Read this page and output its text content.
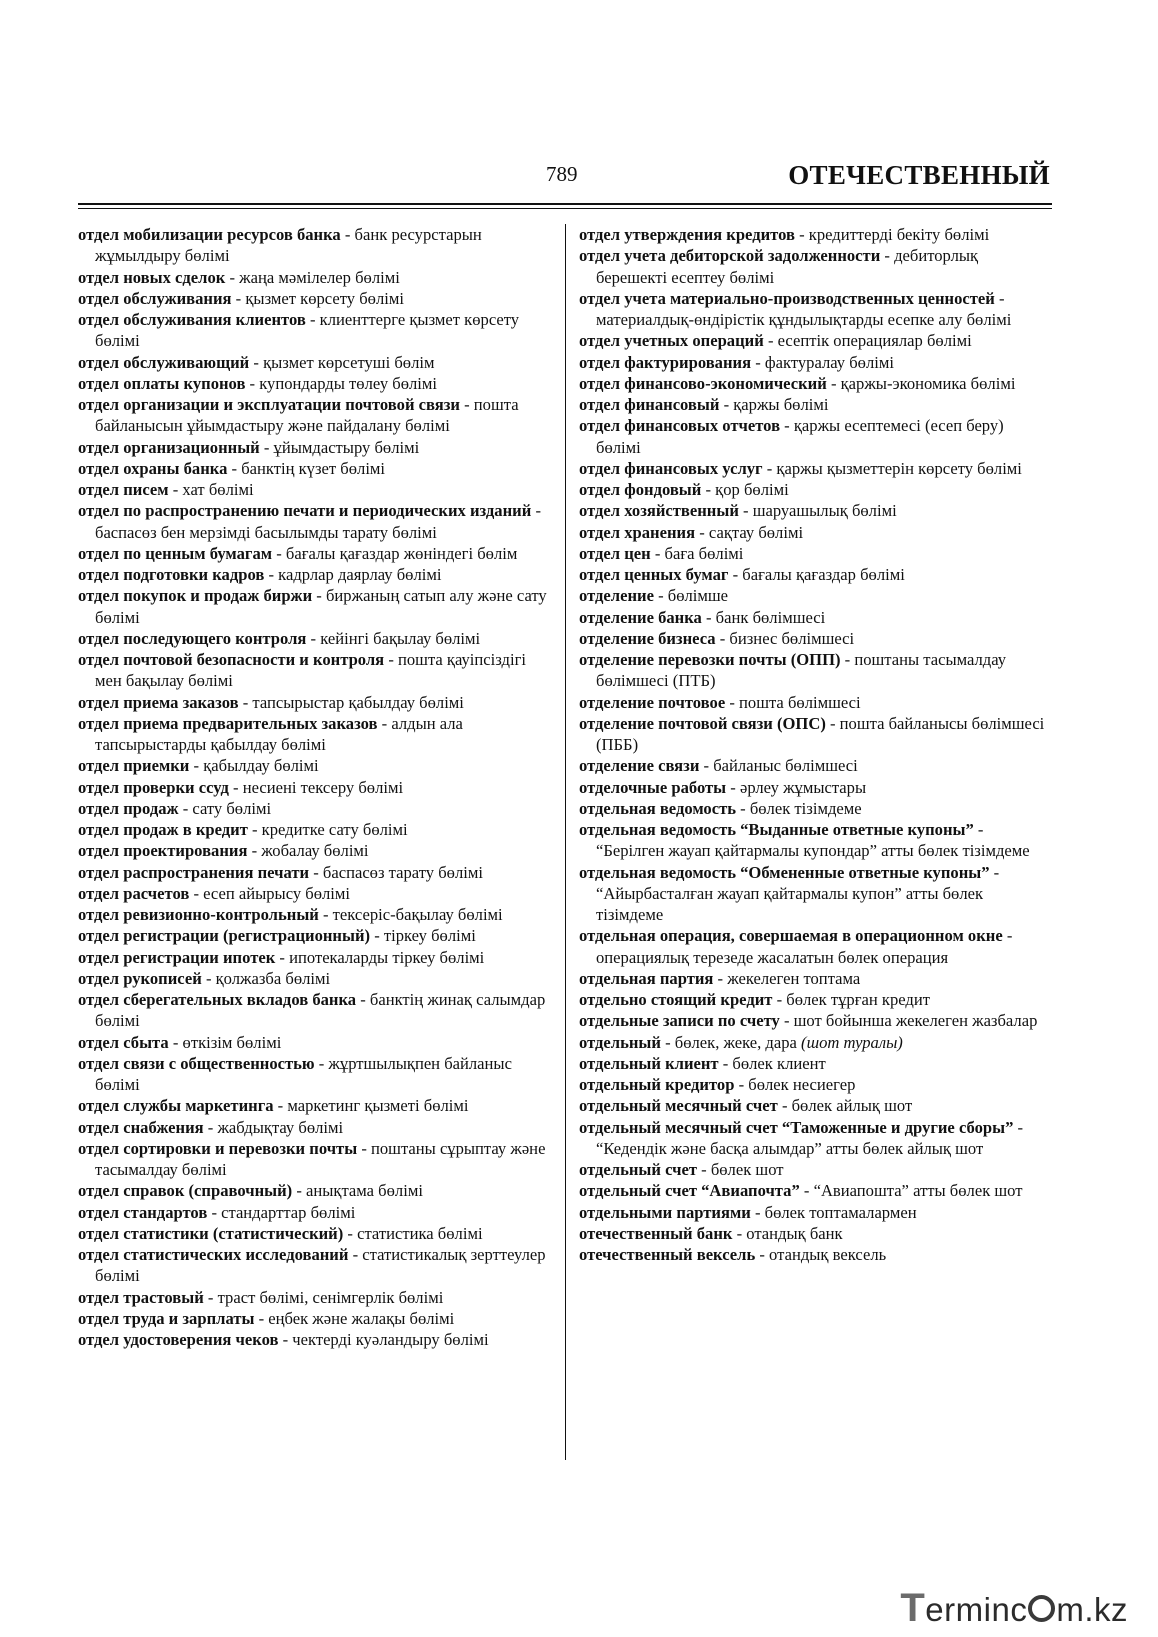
789	ОТЕЧЕСТВЕННЫЙ

отдел мобилизации ресурсов банка - банк ресурстарын жұмылдыру бөлімі

отдел новых сделок - жаңа мәмілелер бөлімі

отдел обслуживания - қызмет көрсету бөлімі

отдел обслуживания клиентов - клиенттерге қызмет көрсету бөлімі

отдел обслуживающий - қызмет көрсетуші бөлім

отдел оплаты купонов - купондарды төлеу бөлімі

отдел организации и эксплуатации почтовой связи - пошта байланысын ұйымдастыру және пайдалану бөлімі

отдел организационный - ұйымдастыру бөлімі

отдел охраны банка - банктің күзет бөлімі

отдел писем - хат бөлімі

отдел по распространению печати и периодических изданий - баспасөз бен мерзімді басылымды тарату бөлімі

отдел по ценным бумагам - бағалы қағаздар жөніндегі бөлім

отдел подготовки кадров - кадрлар даярлау бөлімі

отдел покупок и продаж биржи - биржаның сатып алу және сату бөлімі

отдел последующего контроля - кейінгі бақылау бөлімі

отдел почтовой безопасности и контроля - пошта қауіпсіздігі мен бақылау бөлімі

отдел приема заказов - тапсырыстар қабылдау бөлімі

отдел приема предварительных заказов - алдын ала тапсырыстарды қабылдау бөлімі

отдел приемки - қабылдау бөлімі

отдел проверки ссуд - несиені тексеру бөлімі

отдел продаж - сату бөлімі

отдел продаж в кредит - кредитке сату бөлімі

отдел проектирования - жобалау бөлімі

отдел распространения печати - баспасөз тарату бөлімі

отдел расчетов - есеп айырысу бөлімі

отдел ревизионно-контрольный - тексеріс-бақылау бөлімі

отдел регистрации (регистрационный) - тіркеу бөлімі

отдел регистрации ипотек - ипотекаларды тіркеу бөлімі

отдел рукописей - қолжазба бөлімі

отдел сберегательных вкладов банка - банктің жинақ салымдар бөлімі

отдел сбыта - өткізім бөлімі

отдел связи с общественностью - жұртшылықпен байланыс бөлімі

отдел службы маркетинга - маркетинг қызметі бөлімі

отдел снабжения - жабдықтау бөлімі

отдел сортировки и перевозки почты - поштаны сұрыптау және тасымалдау бөлімі

отдел справок (справочный) - анықтама бөлімі

отдел стандартов - стандарттар бөлімі

отдел статистики (статистический) - статистика бөлімі

отдел статистических исследований - статистикалық зерттеулер бөлімі

отдел трастовый - траст бөлімі, сенімгерлік бөлімі

отдел труда и зарплаты - еңбек және жалақы бөлімі

отдел удостоверения чеков - чектерді куәландыру бөлімі

отдел утверждения кредитов - кредиттерді бекіту бөлімі

отдел учета дебиторской задолженности - дебиторлық берешекті есептеу бөлімі

отдел учета материально-производственных ценностей - материалдық-өндірістік құндылықтарды есепке алу бөлімі

отдел учетных операций - есептік операциялар бөлімі

отдел фактурирования - фактуралау бөлімі

отдел финансово-экономический - қаржы-экономика бөлімі

отдел финансовый - қаржы бөлімі

отдел финансовых отчетов - қаржы есептемесі (есеп беру) бөлімі

отдел финансовых услуг - қаржы қызметтерін көрсету бөлімі

отдел фондовый - қор бөлімі

отдел хозяйственный - шаруашылық бөлімі

отдел хранения - сақтау бөлімі

отдел цен - баға бөлімі

отдел ценных бумаг - бағалы қағаздар бөлімі

отделение - бөлімше

отделение банка - банк бөлімшесі

отделение бизнеса - бизнес бөлімшесі

отделение перевозки почты (ОПП) - поштаны тасымалдау бөлімшесі (ПТБ)

отделение почтовое - пошта бөлімшесі

отделение почтовой связи (ОПС) - пошта байланысы бөлімшесі (ПББ)

отделение связи - байланыс бөлімшесі

отделочные работы - әрлеу жұмыстары

отдельная ведомость - бөлек тізімдеме

отдельная ведомость “Выданные ответные купоны” - “Берілген жауап қайтармалы купондар” атты бөлек тізімдеме

отдельная ведомость “Обмененные ответные купоны” - “Айырбасталған жауап қайтармалы купон” атты бөлек тізімдеме

отдельная операция, совершаемая в операционном окне - операциялық терезеде жасалатын бөлек операция

отдельная партия - жекелеген топтама

отдельно стоящий кредит - бөлек тұрған кредит

отдельные записи по счету - шот бойынша жекелеген жазбалар

отдельный - бөлек, жеке, дара (шот туралы)

отдельный клиент - бөлек клиент

отдельный кредитор - бөлек несиегер

отдельный месячный счет - бөлек айлық шот

отдельный месячный счет “Таможенные и другие сборы” - “Кедендік және басқа алымдар” атты бөлек айлық шот

отдельный счет - бөлек шот

отдельный счет “Авиапочта” - “Авиапошта” атты бөлек шот

отдельными партиями - бөлек топтамалармен

отечественный банк - отандық банк

отечественный вексель - отандық вексель

Terminc m.kz
